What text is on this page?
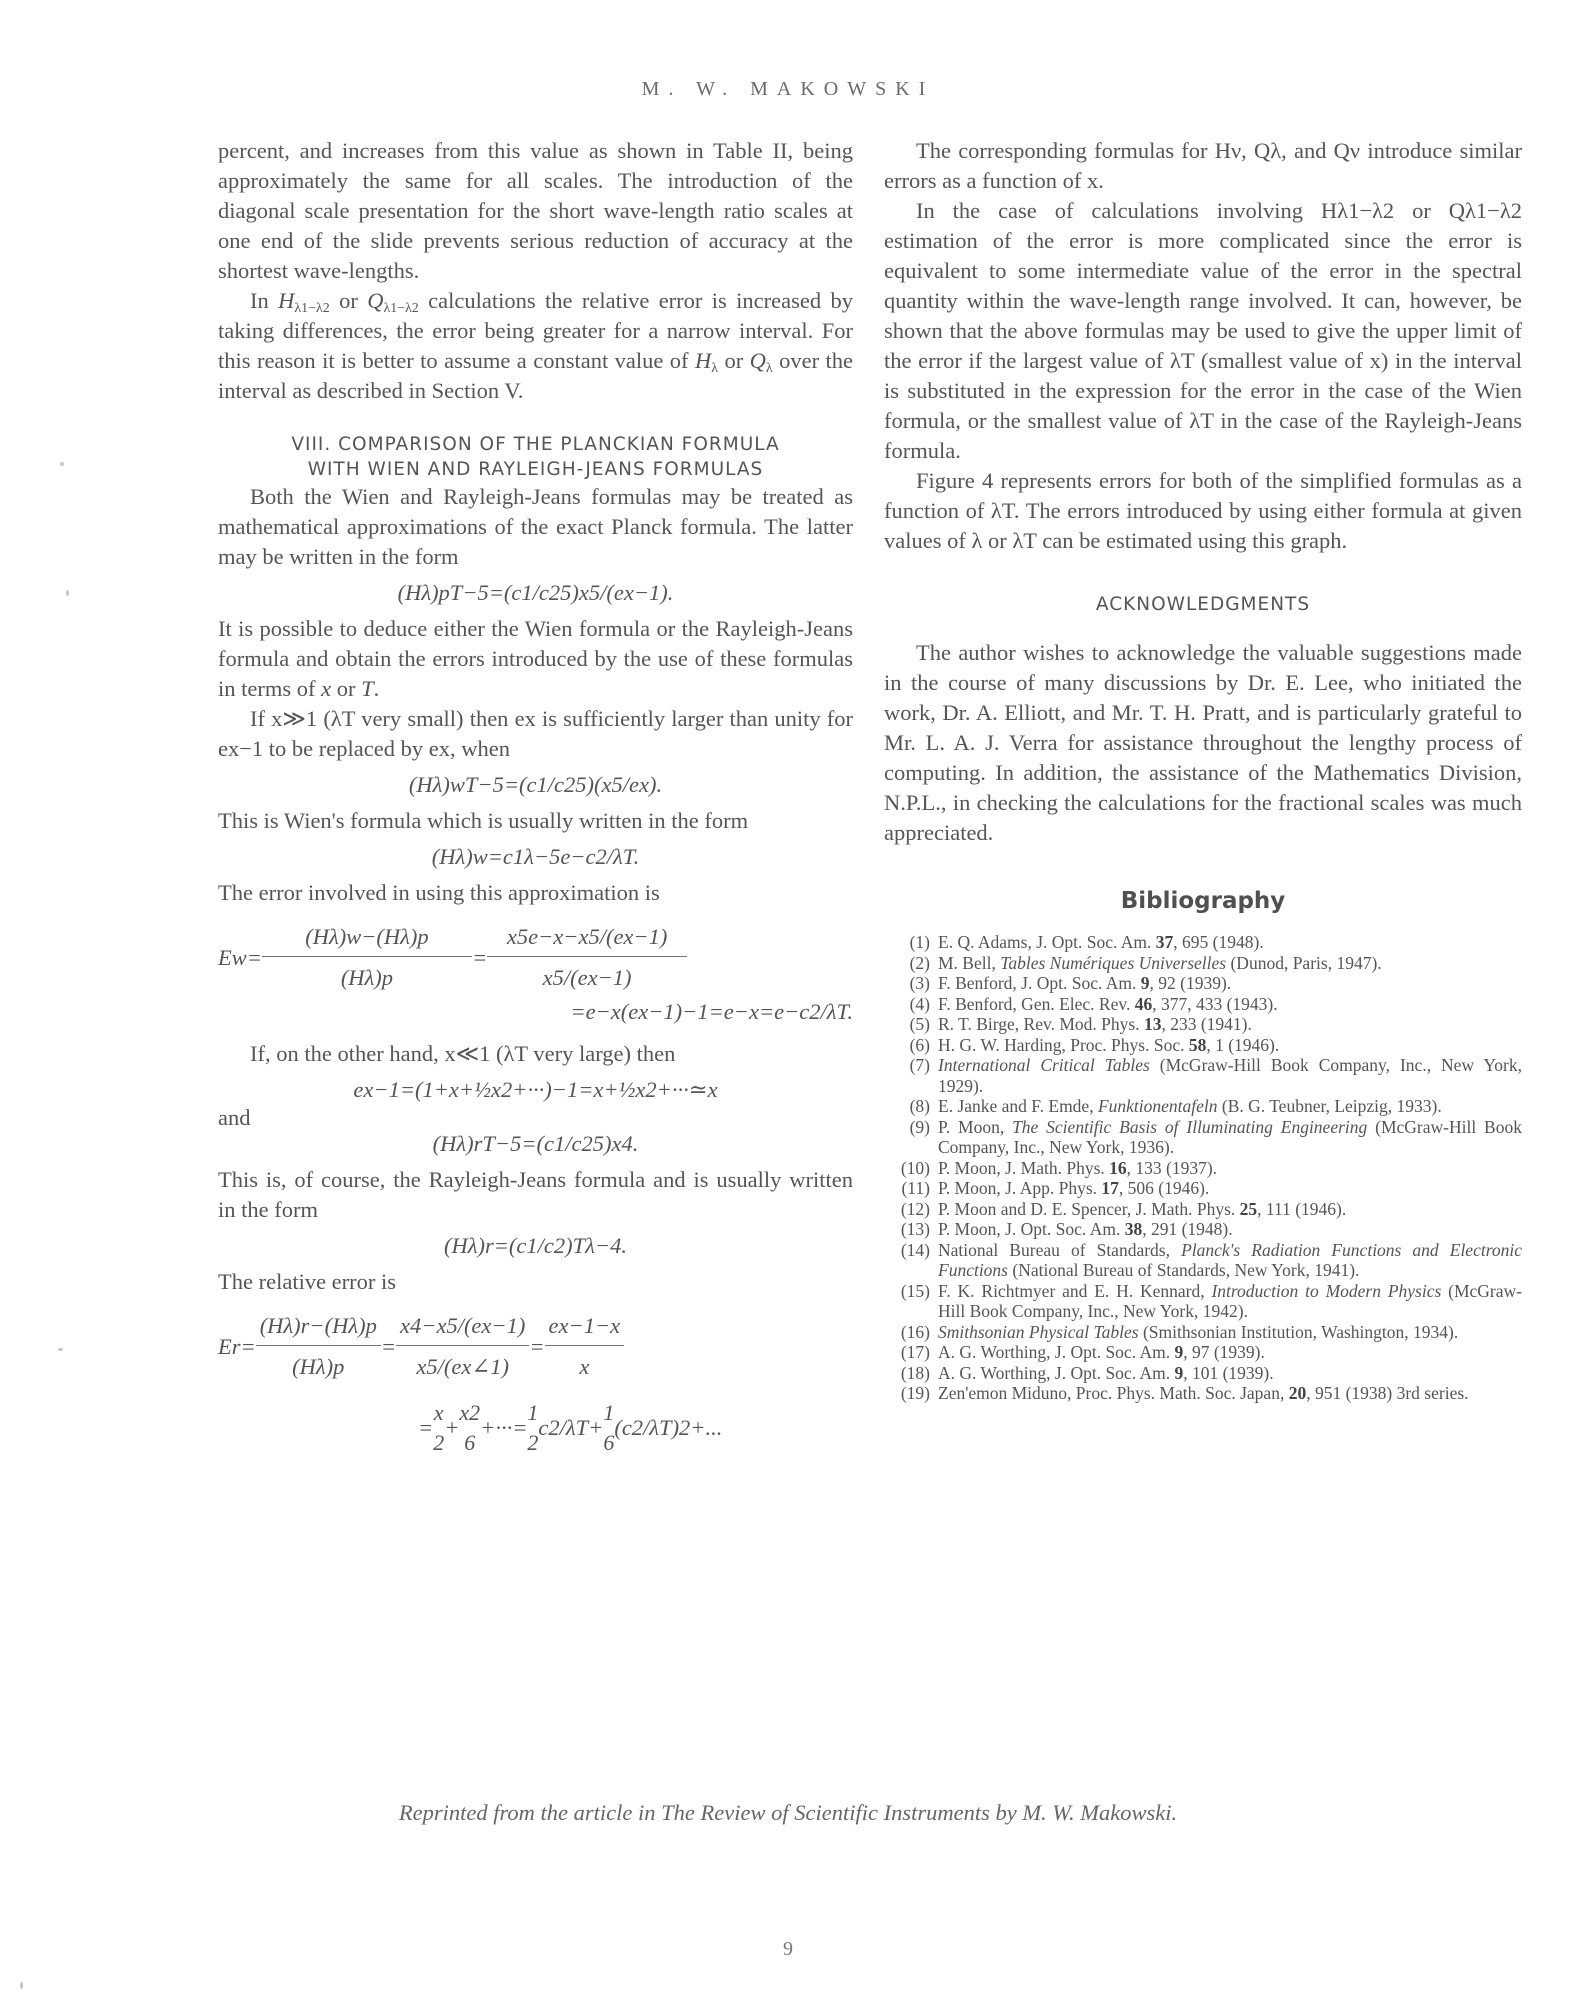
M. W. MAKOWSKI

percent, and increases from this value as shown in Table II, being approximately the same for all scales. The introduction of the diagonal scale presentation for the short wave-length ratio scales at one end of the slide prevents serious reduction of accuracy at the shortest wave-lengths.

In $H_{\lambda 1-\lambda 2}$ or $Q_{\lambda 1-\lambda 2}$ calculations the relative error is increased by taking differences, the error being greater for a narrow interval. For this reason it is better to assume a constant value of $H_\lambda$ or $Q_\lambda$ over the interval as described in Section V.

VIII. COMPARISON OF THE PLANCKIAN FORMULA

WITH WIEN AND RAYLEIGH-JEANS FORMULAS

Both the Wien and Rayleigh-Jeans formulas may be treated as mathematical approximations of the exact Planck formula. The latter may be written in the form

(Hλ)pT−5=(c1/c25)x5/(ex−1).

It is possible to deduce either the Wien formula or the Rayleigh-Jeans formula and obtain the errors introduced by the use of these formulas in terms of x or T.

If x≫1 (λT very small) then ex is sufficiently larger than unity for ex−1 to be replaced by ex, when

(Hλ)wT−5=(c1/c25)(x5/ex).

This is Wien's formula which is usually written in the form

(Hλ)w=c1λ−5e−c2/λT.

The error involved in using this approximation is

$Ew= \frac{(H\lambda)w-(H\lambda)p}{(H\lambda)p} = \frac{x5e-x-x5/(ex-1)}{x5/(ex-1)}$

=e−x(ex−1)−1=e−x=e−c2/λT.

If, on the other hand, x≪1 (λT very large) then

ex−1=(1+x+½x2+···)−1=x+½x2+···≃x

and

(Hλ)rT−5=(c1/c25)x4.

This is, of course, the Rayleigh-Jeans formula and is usually written in the form

(Hλ)r=(c1/c2)Tλ−4.

The relative error is

$Er= \frac{(H\lambda)r-(H\lambda)p}{(H\lambda)p} = \frac{x4-x5/(ex-1)}{x5/(ex\angle 1)} = \frac{ex-1-x}{x}$
=
x
2
+
x2
6
+···=
1
2
c2/λT+
1
6
(c2/λT)2+...

The corresponding formulas for Hν, Qλ, and Qν introduce similar errors as a function of x.

In the case of calculations involving Hλ1−λ2 or Qλ1−λ2 estimation of the error is more complicated since the error is equivalent to some intermediate value of the error in the spectral quantity within the wave-length range involved. It can, however, be shown that the above formulas may be used to give the upper limit of the error if the largest value of λT (smallest value of x) in the interval is substituted in the expression for the error in the case of the Wien formula, or the smallest value of λT in the case of the Rayleigh-Jeans formula.

Figure 4 represents errors for both of the simplified formulas as a function of λT. The errors introduced by using either formula at given values of λ or λT can be estimated using this graph.

ACKNOWLEDGMENTS

The author wishes to acknowledge the valuable suggestions made in the course of many discussions by Dr. E. Lee, who initiated the work, Dr. A. Elliott, and Mr. T. H. Pratt, and is particularly grateful to Mr. L. A. J. Verra for assistance throughout the lengthy process of computing. In addition, the assistance of the Mathematics Division, N.P.L., in checking the calculations for the fractional scales was much appreciated.

Bibliography

(1) E. Q. Adams, J. Opt. Soc. Am. 37, 695 (1948).
(2) M. Bell, Tables Numériques Universelles (Dunod, Paris, 1947).
(3) F. Benford, J. Opt. Soc. Am. 9, 92 (1939).
(4) F. Benford, Gen. Elec. Rev. 46, 377, 433 (1943).
(5) R. T. Birge, Rev. Mod. Phys. 13, 233 (1941).
(6) H. G. W. Harding, Proc. Phys. Soc. 58, 1 (1946).
(7) International Critical Tables (McGraw-Hill Book Company, Inc., New York, 1929).
(8) E. Janke and F. Emde, Funktionentafeln (B. G. Teubner, Leipzig, 1933).
(9) P. Moon, The Scientific Basis of Illuminating Engineering (McGraw-Hill Book Company, Inc., New York, 1936).
(10) P. Moon, J. Math. Phys. 16, 133 (1937).
(11) P. Moon, J. App. Phys. 17, 506 (1946).
(12) P. Moon and D. E. Spencer, J. Math. Phys. 25, 111 (1946).
(13) P. Moon, J. Opt. Soc. Am. 38, 291 (1948).
(14) National Bureau of Standards, Planck's Radiation Functions and Electronic Functions (National Bureau of Standards, New York, 1941).
(15) F. K. Richtmyer and E. H. Kennard, Introduction to Modern Physics (McGraw-Hill Book Company, Inc., New York, 1942).
(16) Smithsonian Physical Tables (Smithsonian Institution, Washington, 1934).
(17) A. G. Worthing, J. Opt. Soc. Am. 9, 97 (1939).
(18) A. G. Worthing, J. Opt. Soc. Am. 9, 101 (1939).
(19) Zen'emon Miduno, Proc. Phys. Math. Soc. Japan, 20, 951 (1938) 3rd series.
Reprinted from the article in The Review of Scientific Instruments by M. W. Makowski.
9
